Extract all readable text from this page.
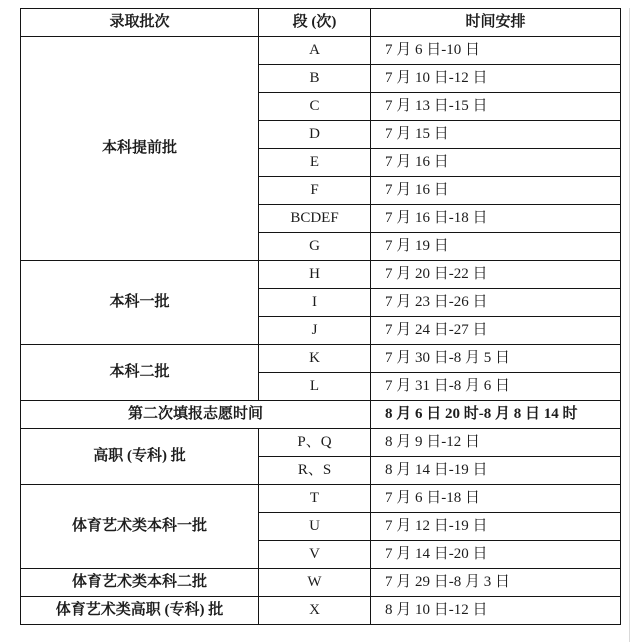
录取批次	段 (次)	时间安排
本科提前批	A	7 月 6 日-10 日
	B	7 月 10 日-12 日
	C	7 月 13 日-15 日
	D	7 月 15 日
	E	7 月 16 日
	F	7 月 16 日
	BCDEF	7 月 16 日-18 日
	G	7 月 19 日
本科一批	H	7 月 20 日-22 日
	I	7 月 23 日-26 日
	J	7 月 24 日-27 日
本科二批	K	7 月 30 日-8 月 5 日
	L	7 月 31 日-8 月 6 日
第二次填报志愿时间		8 月 6 日 20 时-8 月 8 日 14 时
高职 (专科) 批	P、Q	8 月 9 日-12 日
	R、S	8 月 14 日-19 日
体育艺术类本科一批	T	7 月 6 日-18 日
	U	7 月 12 日-19 日
	V	7 月 14 日-20 日
体育艺术类本科二批	W	7 月 29 日-8 月 3 日
体育艺术类高职 (专科) 批	X	8 月 10 日-12 日
